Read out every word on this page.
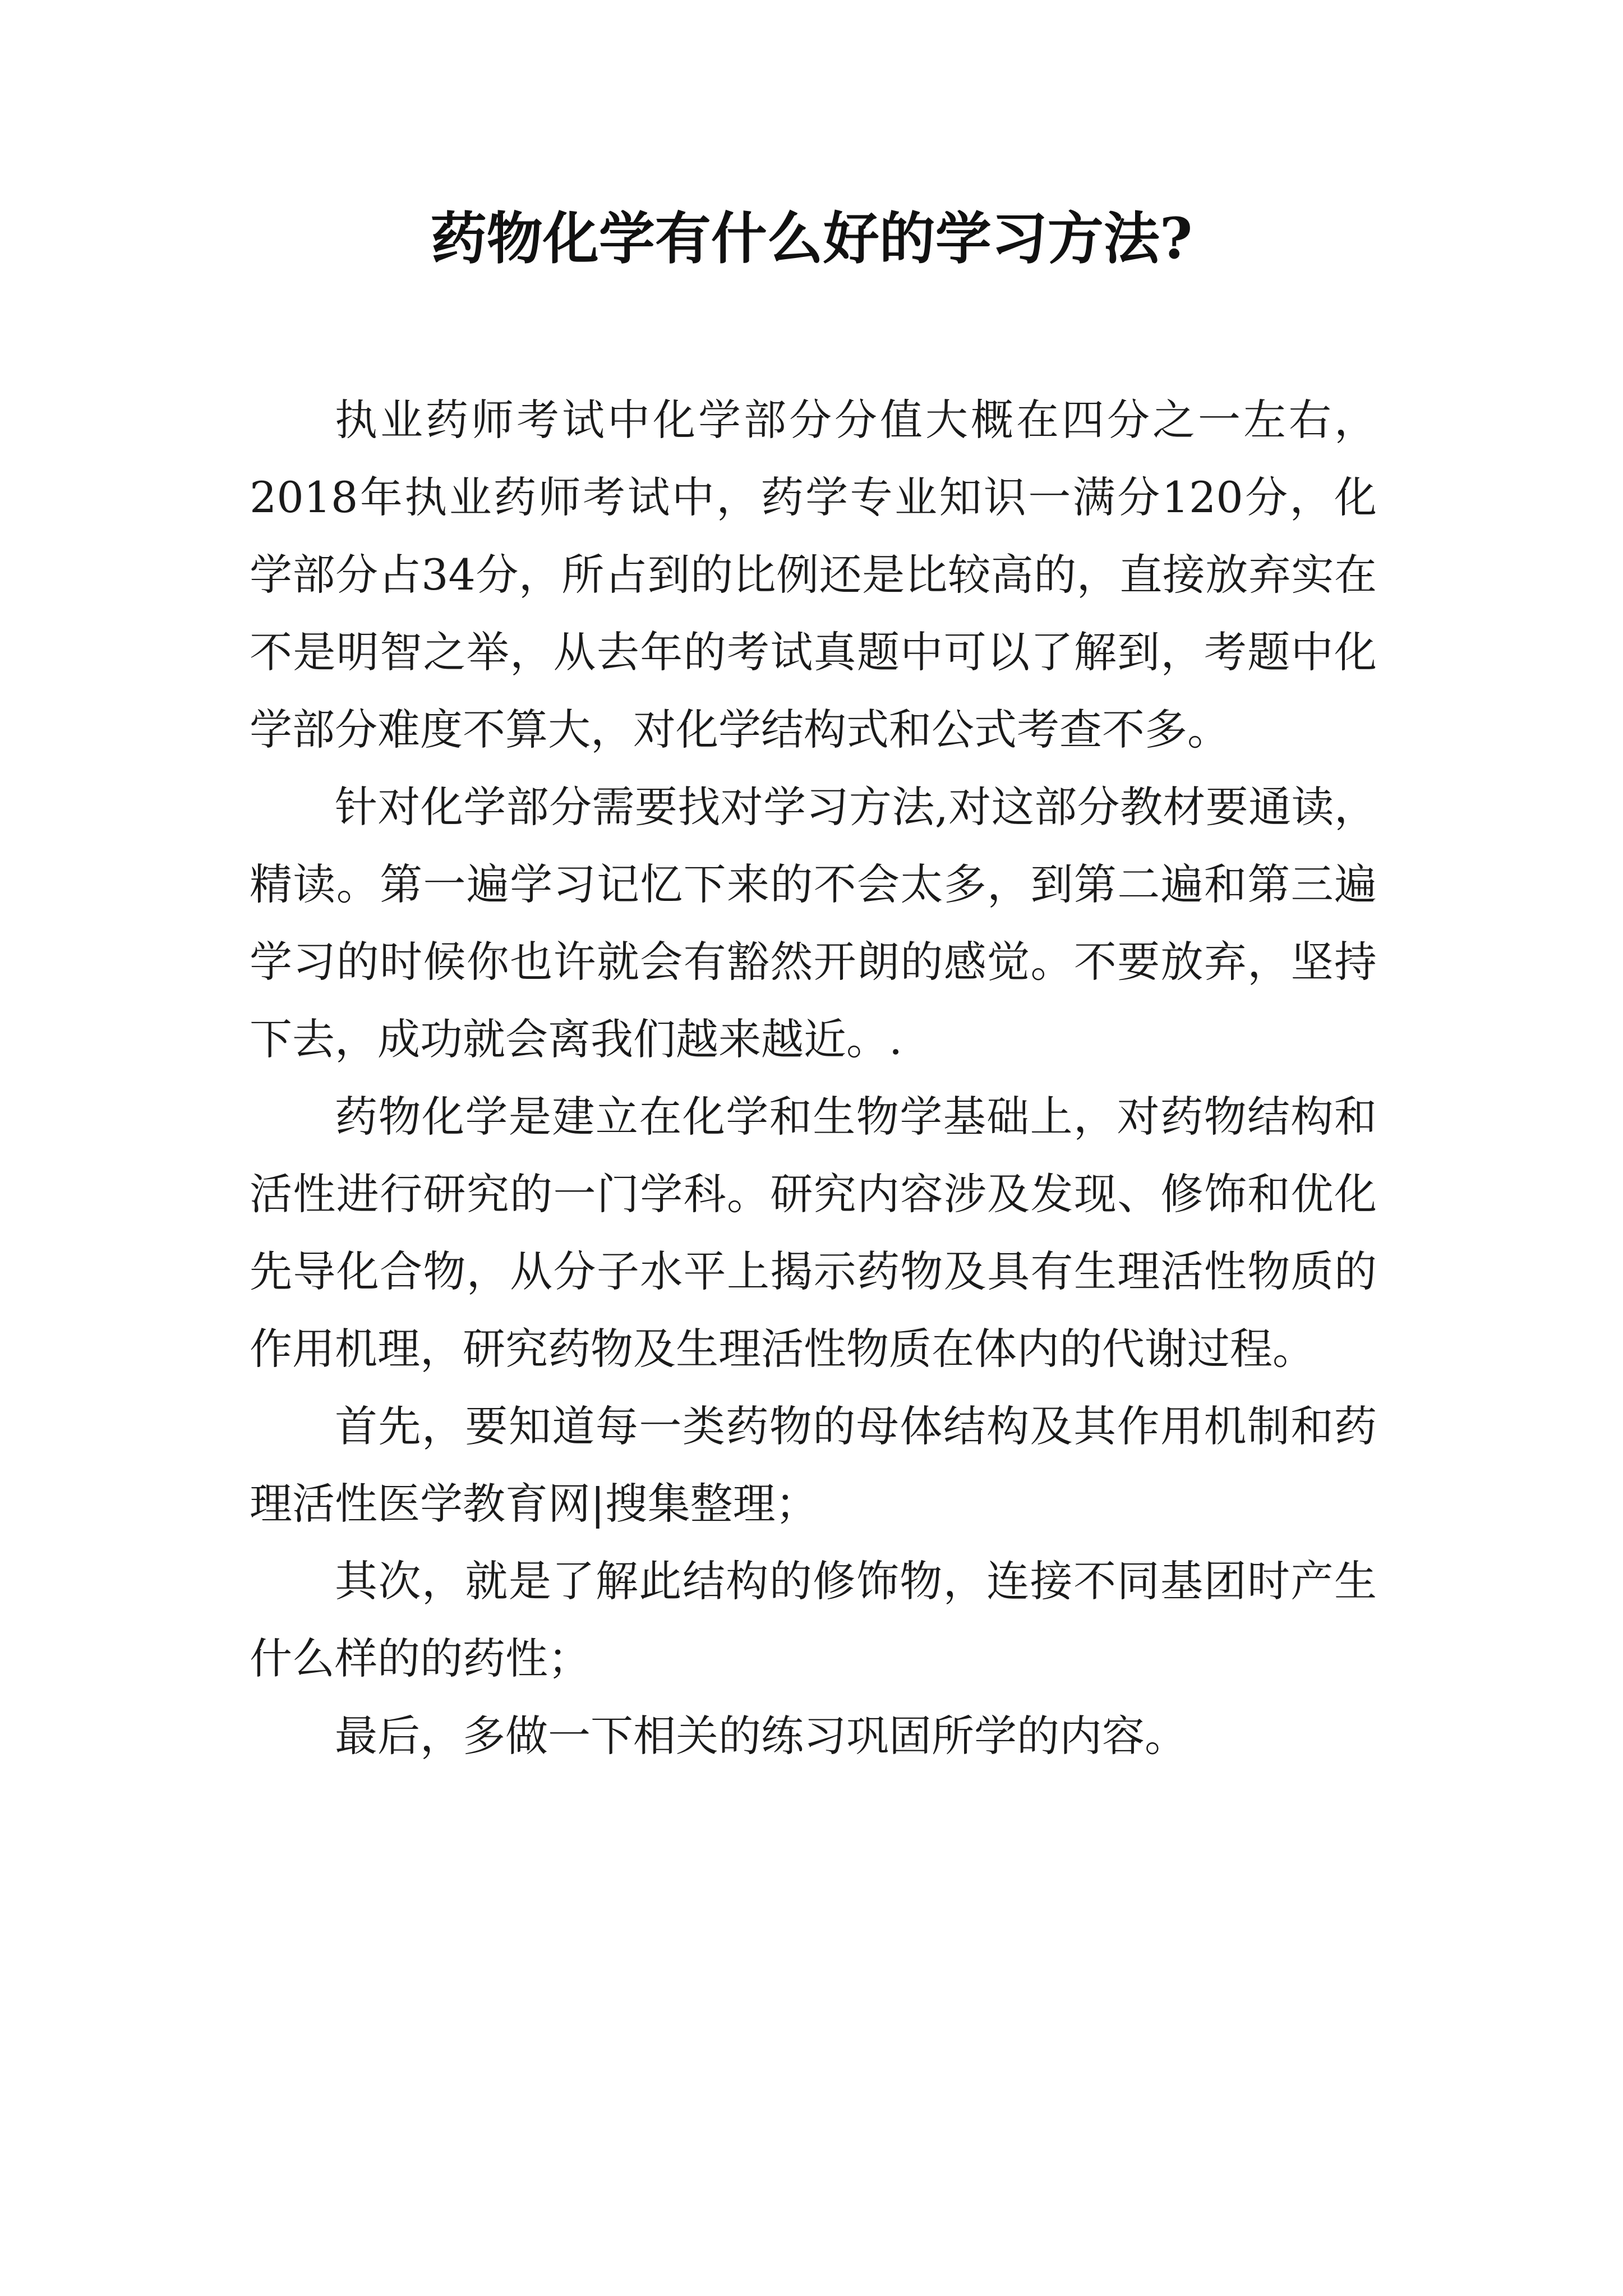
药物化学有什么好的学习方法?

执业药师考试中化学部分分值大概在四分之一左右，2018年执业药师考试中，药学专业知识一满分120分，化学部分占34分，所占到的比例还是比较高的，直接放弃实在不是明智之举，从去年的考试真题中可以了解到，考题中化学部分难度不算大，对化学结构式和公式考查不多。

针对化学部分需要找对学习方法,对这部分教材要通读，精读。第一遍学习记忆下来的不会太多，到第二遍和第三遍学习的时候你也许就会有豁然开朗的感觉。不要放弃，坚持下去，成功就会离我们越来越近。.

药物化学是建立在化学和生物学基础上，对药物结构和活性进行研究的一门学科。研究内容涉及发现、修饰和优化先导化合物，从分子水平上揭示药物及具有生理活性物质的作用机理，研究药物及生理活性物质在体内的代谢过程。

首先，要知道每一类药物的母体结构及其作用机制和药理活性医学教育网|搜集整理；

其次，就是了解此结构的修饰物，连接不同基团时产生什么样的的药性；

最后，多做一下相关的练习巩固所学的内容。
